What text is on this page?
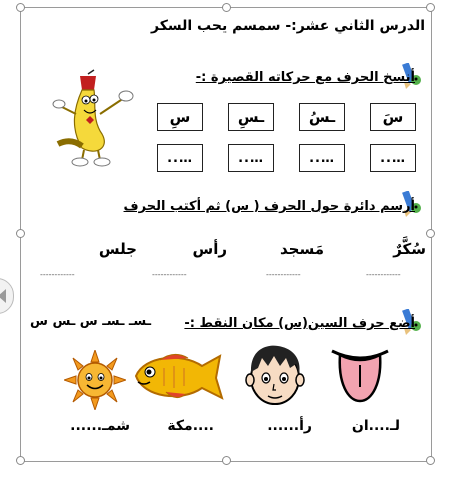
الدرس الثاني عشر:- سمسم يحب السكر
أنسخ الحرف مع حركاته القصيرة :-
سَ
ـسُ
ـسِ
سِ
…..
…..
…..
…..
أرسم دائرة حول الحرف ( س) ثم أكتب الحرف
سُكَّرٌ
مَسجد
رأس
جلس
------------
------------
------------
------------
أضع حرف السين(س) مكان النقط :-
ـسـ ـسـ س ـس س
لـ....ان
رأ......
....مكة
شمـ......
